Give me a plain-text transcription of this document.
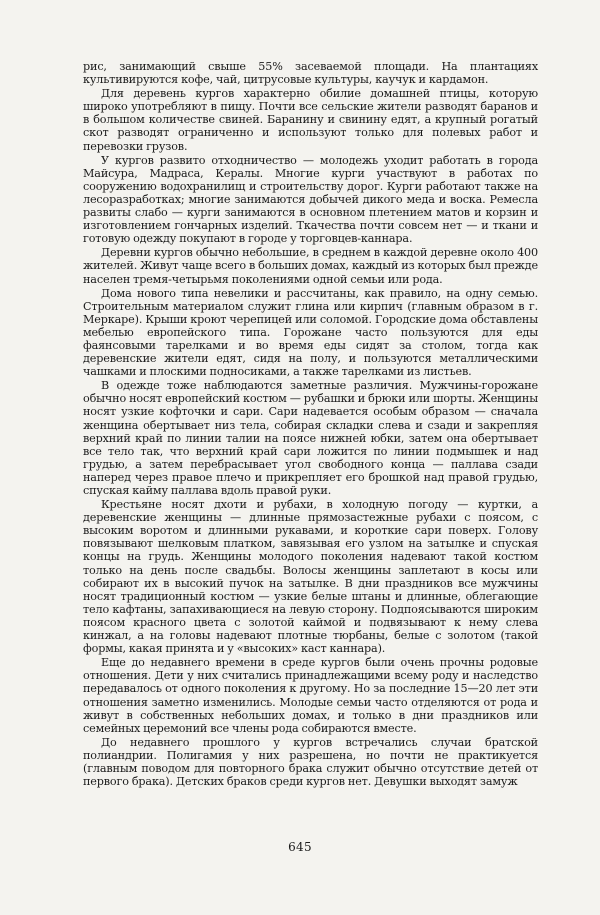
рис, занимающий свыше 55% засеваемой площади. На плантациях культивируются кофе, чай, цитрусовые культуры, каучук и кардамон.

Для деревень кургов характерно обилие домашней птицы, которую широко употребляют в пищу. Почти все сельские жители разводят баранов и в большом количестве свиней. Баранину и свинину едят, а крупный рогатый скот разводят ограниченно и используют только для полевых работ и перевозки грузов.

У кургов развито отходничество — молодежь уходит работать в города Майсура, Мадраса, Кералы. Многие курги участвуют в работах по сооружению водохранилищ и строительству дорог. Курги работают также на лесоразработках; многие занимаются добычей дикого меда и воска. Ремесла развиты слабо — курги занимаются в основном плетением матов и корзин и изготовлением гончарных изделий. Ткачества почти совсем нет — и ткани и готовую одежду покупают в городе у торговцев-каннара.

Деревни кургов обычно небольшие, в среднем в каждой деревне около 400 жителей. Живут чаще всего в больших домах, каждый из которых был прежде населен тремя-четырьмя поколениями одной семьи или рода.

Дома нового типа невелики и рассчитаны, как правило, на одну семью. Строительным материалом служит глина или кирпич (главным образом в г. Меркаре). Крыши кроют черепицей или соломой. Городские дома обставлены мебелью европейского типа. Горожане часто пользуются для еды фаянсовыми тарелками и во время еды сидят за столом, тогда как деревенские жители едят, сидя на полу, и пользуются металлическими чашками и плоскими подносиками, а также тарелками из листьев.

В одежде тоже наблюдаются заметные различия. Мужчины-горожане обычно носят европейский костюм — рубашки и брюки или шорты. Женщины носят узкие кофточки и сари. Сари надевается особым образом — сначала женщина обертывает низ тела, собирая складки слева и сзади и закрепляя верхний край по линии талии на поясе нижней юбки, затем она обертывает все тело так, что верхний край сари ложится по линии подмышек и над грудью, а затем перебрасывает угол свободного конца — паллава сзади наперед через правое плечо и прикрепляет его брошкой над правой грудью, спуская кайму паллава вдоль правой руки.

Крестьяне носят дхоти и рубахи, в холодную погоду — куртки, а деревенские женщины — длинные прямозастежные рубахи с поясом, с высоким воротом и длинными рукавами, и короткие сари поверх. Голову повязывают шелковым платком, завязывая его узлом на затылке и спуская концы на грудь. Женщины молодого поколения надевают такой костюм только на день после свадьбы. Волосы женщины заплетают в косы или собирают их в высокий пучок на затылке. В дни праздников все мужчины носят традиционный костюм — узкие белые штаны и длинные, облегающие тело кафтаны, запахивающиеся на левую сторону. Подпоясываются широким поясом красного цвета с золотой каймой и подвязывают к нему слева кинжал, а на головы надевают плотные тюрбаны, белые с золотом (такой формы, какая принята и у «высоких» каст каннара).

Еще до недавнего времени в среде кургов были очень прочны родовые отношения. Дети у них считались принадлежащими всему роду и наследство передавалось от одного поколения к другому. Но за последние 15—20 лет эти отношения заметно изменились. Молодые семьи часто отделяются от рода и живут в собственных небольших домах, и только в дни праздников или семейных церемоний все члены рода собираются вместе.

До недавнего прошлого у кургов встречались случаи братской полиандрии. Полигамия у них разрешена, но почти не практикуется (главным поводом для повторного брака служит обычно отсутствие детей от первого брака). Детских браков среди кургов нет. Девушки выходят замуж

645
